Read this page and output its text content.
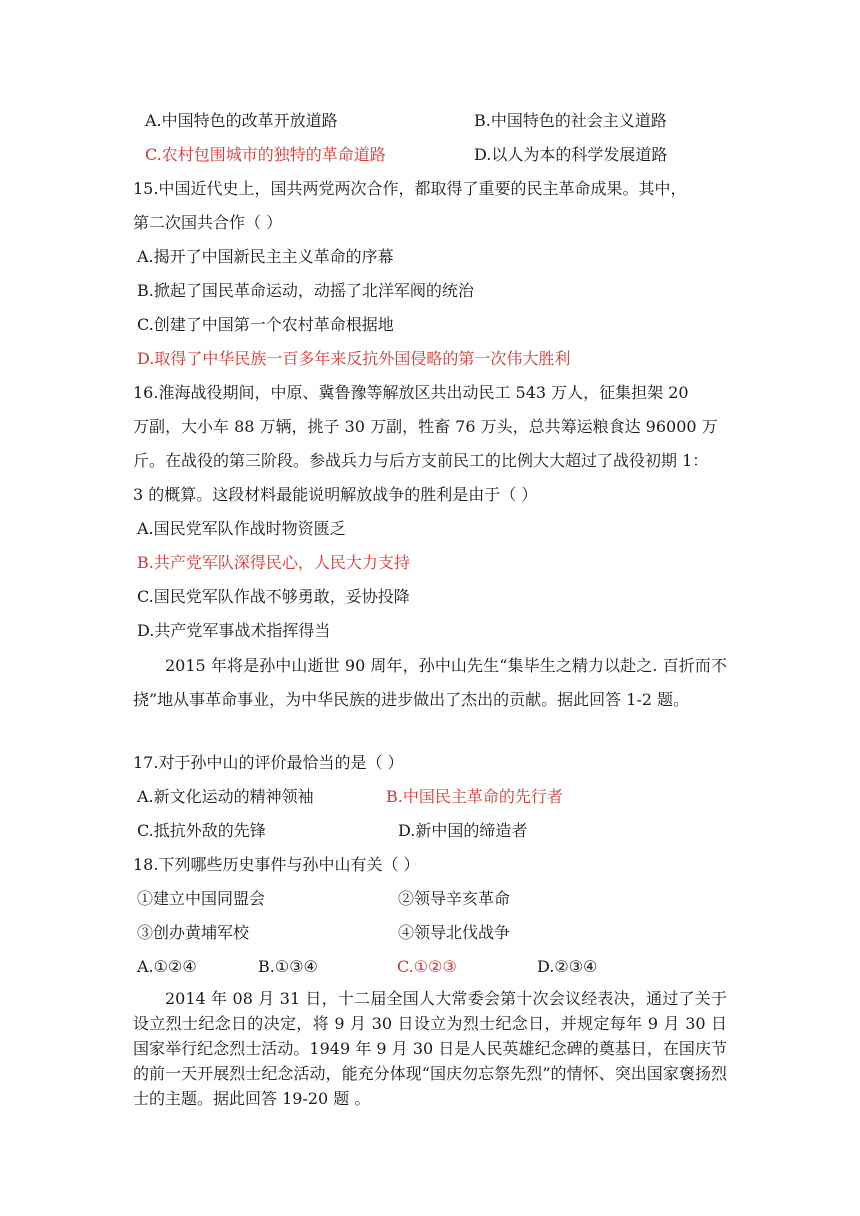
A.中国特色的改革开放道路	B.中国特色的社会主义道路
C.农村包围城市的独特的革命道路	D.以人为本的科学发展道路
15.中国近代史上，国共两党两次合作，都取得了重要的民主革命成果。其中，
第二次国共合作（ ）
A.揭开了中国新民主主义革命的序幕
B.掀起了国民革命运动，动摇了北洋军阀的统治
C.创建了中国第一个农村革命根据地
D.取得了中华民族一百多年来反抗外国侵略的第一次伟大胜利
16.淮海战役期间，中原、冀鲁豫等解放区共出动民工 543 万人，征集担架 20
万副，大小车 88 万辆，挑子 30 万副，牲畜 76 万头，总共筹运粮食达 96000 万
斤。在战役的第三阶段。参战兵力与后方支前民工的比例大大超过了战役初期 1：
3 的概算。这段材料最能说明解放战争的胜利是由于（ ）
A.国民党军队作战时物资匮乏
B.共产党军队深得民心，人民大力支持
C.国民党军队作战不够勇敢，妥协投降
D.共产党军事战术指挥得当
2015 年将是孙中山逝世 90 周年，孙中山先生“集毕生之精力以赴之. 百折而不挠”地从事革命事业，为中华民族的进步做出了杰出的贡献。据此回答 1-2 题。
17.对于孙中山的评价最恰当的是（ ）
A.新文化运动的精神领袖	B.中国民主革命的先行者
C.抵抗外敌的先锋	D.新中国的缔造者
18.下列哪些历史事件与孙中山有关（ ）
①建立中国同盟会	②领导辛亥革命
③创办黄埔军校	④领导北伐战争
A.①②④	B.①③④	C.①②③	D.②③④
2014 年 08 月 31 日，十二届全国人大常委会第十次会议经表决，通过了关于设立烈士纪念日的决定，将 9 月 30 日设立为烈士纪念日，并规定每年 9 月 30 日国家举行纪念烈士活动。1949 年 9 月 30 日是人民英雄纪念碑的奠基日，在国庆节的前一天开展烈士纪念活动，能充分体现“国庆勿忘祭先烈”的情怀、突出国家褒扬烈士的主题。据此回答 19-20 题 。
